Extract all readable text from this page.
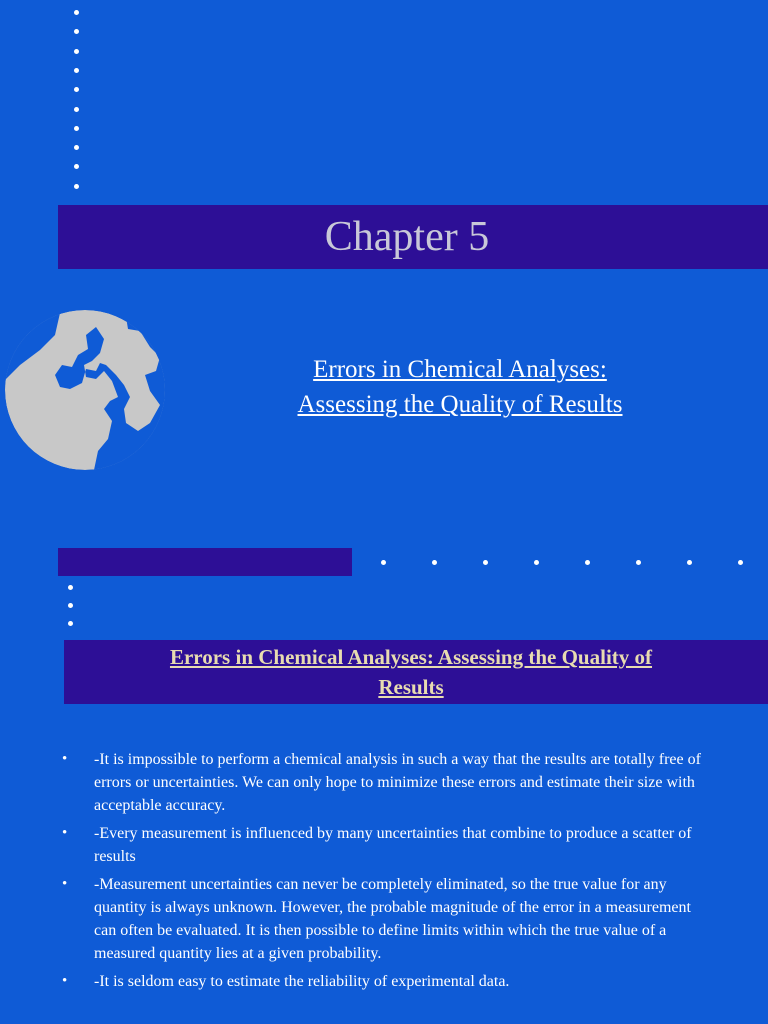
Chapter 5
Errors in Chemical Analyses:
Assessing the Quality of Results
Errors in Chemical Analyses: Assessing the Quality of
Results
• -It is impossible to perform a chemical analysis in such a way that the results are totally free of errors or uncertainties. We can only hope to minimize these errors and estimate their size with acceptable accuracy.
• -Every measurement is influenced by many uncertainties that combine to produce a scatter of results
• -Measurement uncertainties can never be completely eliminated, so the true value for any quantity is always unknown. However, the probable magnitude of the error in a measurement can often be evaluated. It is then possible to define limits within which the true value of a measured quantity lies at a given probability.
• -It is seldom easy to estimate the reliability of experimental data.
